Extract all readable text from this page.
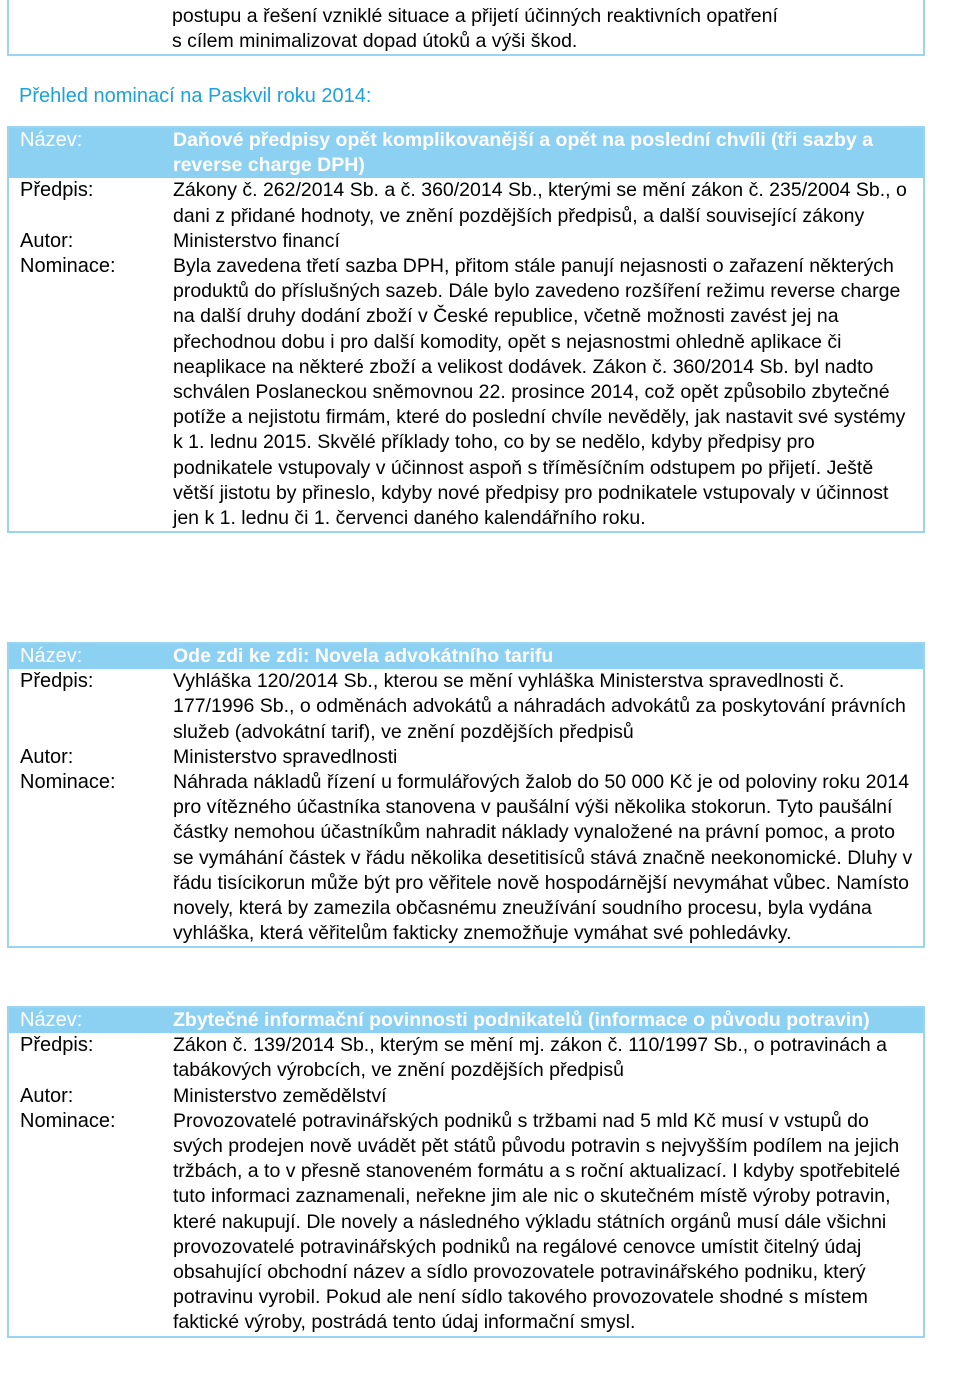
postupu a řešení vzniklé situace a přijetí účinných reaktivních opatření
s cílem minimalizovat dopad útoků a výši škod.
Přehled nominací na Paskvil roku 2014:
Název:	Daňové předpisy opět komplikovanější a opět na poslední chvíli (tři sazby a reverse charge DPH)
Předpis:	Zákony č. 262/2014 Sb. a č. 360/2014 Sb., kterými se mění zákon č. 235/2004 Sb., o dani z přidané hodnoty, ve znění pozdějších předpisů, a další související zákony
Autor:	Ministerstvo financí
Nominace:	Byla zavedena třetí sazba DPH, přitom stále panují nejasnosti o zařazení některých produktů do příslušných sazeb. Dále bylo zavedeno rozšíření režimu reverse charge na další druhy dodání zboží v České republice, včetně možnosti zavést jej na přechodnou dobu i pro další komodity, opět s nejasnostmi ohledně aplikace či neaplikace na některé zboží a velikost dodávek. Zákon č. 360/2014 Sb. byl nadto schválen Poslaneckou sněmovnou 22. prosince 2014, což opět způsobilo zbytečné potíže a nejistotu firmám, které do poslední chvíle nevěděly, jak nastavit své systémy k 1. lednu 2015. Skvělé příklady toho, co by se nedělo, kdyby předpisy pro podnikatele vstupovaly v účinnost aspoň s tříměsíčním odstupem po přijetí. Ještě větší jistotu by přineslo, kdyby nové předpisy pro podnikatele vstupovaly v účinnost jen k 1. lednu či 1. červenci daného kalendářního roku.
Název:	Ode zdi ke zdi: Novela advokátního tarifu
Předpis:	Vyhláška 120/2014 Sb., kterou se mění vyhláška Ministerstva spravedlnosti č. 177/1996 Sb., o odměnách advokátů a náhradách advokátů za poskytování právních služeb (advokátní tarif), ve znění pozdějších předpisů
Autor:	Ministerstvo spravedlnosti
Nominace:	Náhrada nákladů řízení u formulářových žalob do 50 000 Kč je od poloviny roku 2014 pro vítězného účastníka stanovena v paušální výši několika stokorun. Tyto paušální částky nemohou účastníkům nahradit náklady vynaložené na právní pomoc, a proto se vymáhání částek v řádu několika desetitisíců stává značně neekonomické. Dluhy v řádu tisícikorun může být pro věřitele nově hospodárnější nevymáhat vůbec. Namísto novely, která by zamezila občasnému zneužívání soudního procesu, byla vydána vyhláška, která věřitelům fakticky znemožňuje vymáhat své pohledávky.
Název:	Zbytečné informační povinnosti podnikatelů (informace o původu potravin)
Předpis:	Zákon č. 139/2014 Sb., kterým se mění mj. zákon č. 110/1997 Sb., o potravinách a tabákových výrobcích, ve znění pozdějších předpisů
Autor:	Ministerstvo zemědělství
Nominace:	Provozovatelé potravinářských podniků s tržbami nad 5 mld Kč musí v vstupů do svých prodejen nově uvádět pět států původu potravin s nejvyšším podílem na jejich tržbách, a to v přesně stanoveném formátu a s roční aktualizací. I kdyby spotřebitelé tuto informaci zaznamenali, neřekne jim ale nic o skutečném místě výroby potravin, které nakupují. Dle novely a následného výkladu státních orgánů musí dále všichni provozovatelé potravinářských podniků na regálové cenovce umístit čitelný údaj obsahující obchodní název a sídlo provozovatele potravinářského podniku, který potravinu vyrobil. Pokud ale není sídlo takového provozovatele shodné s místem faktické výroby, postrádá tento údaj informační smysl.
